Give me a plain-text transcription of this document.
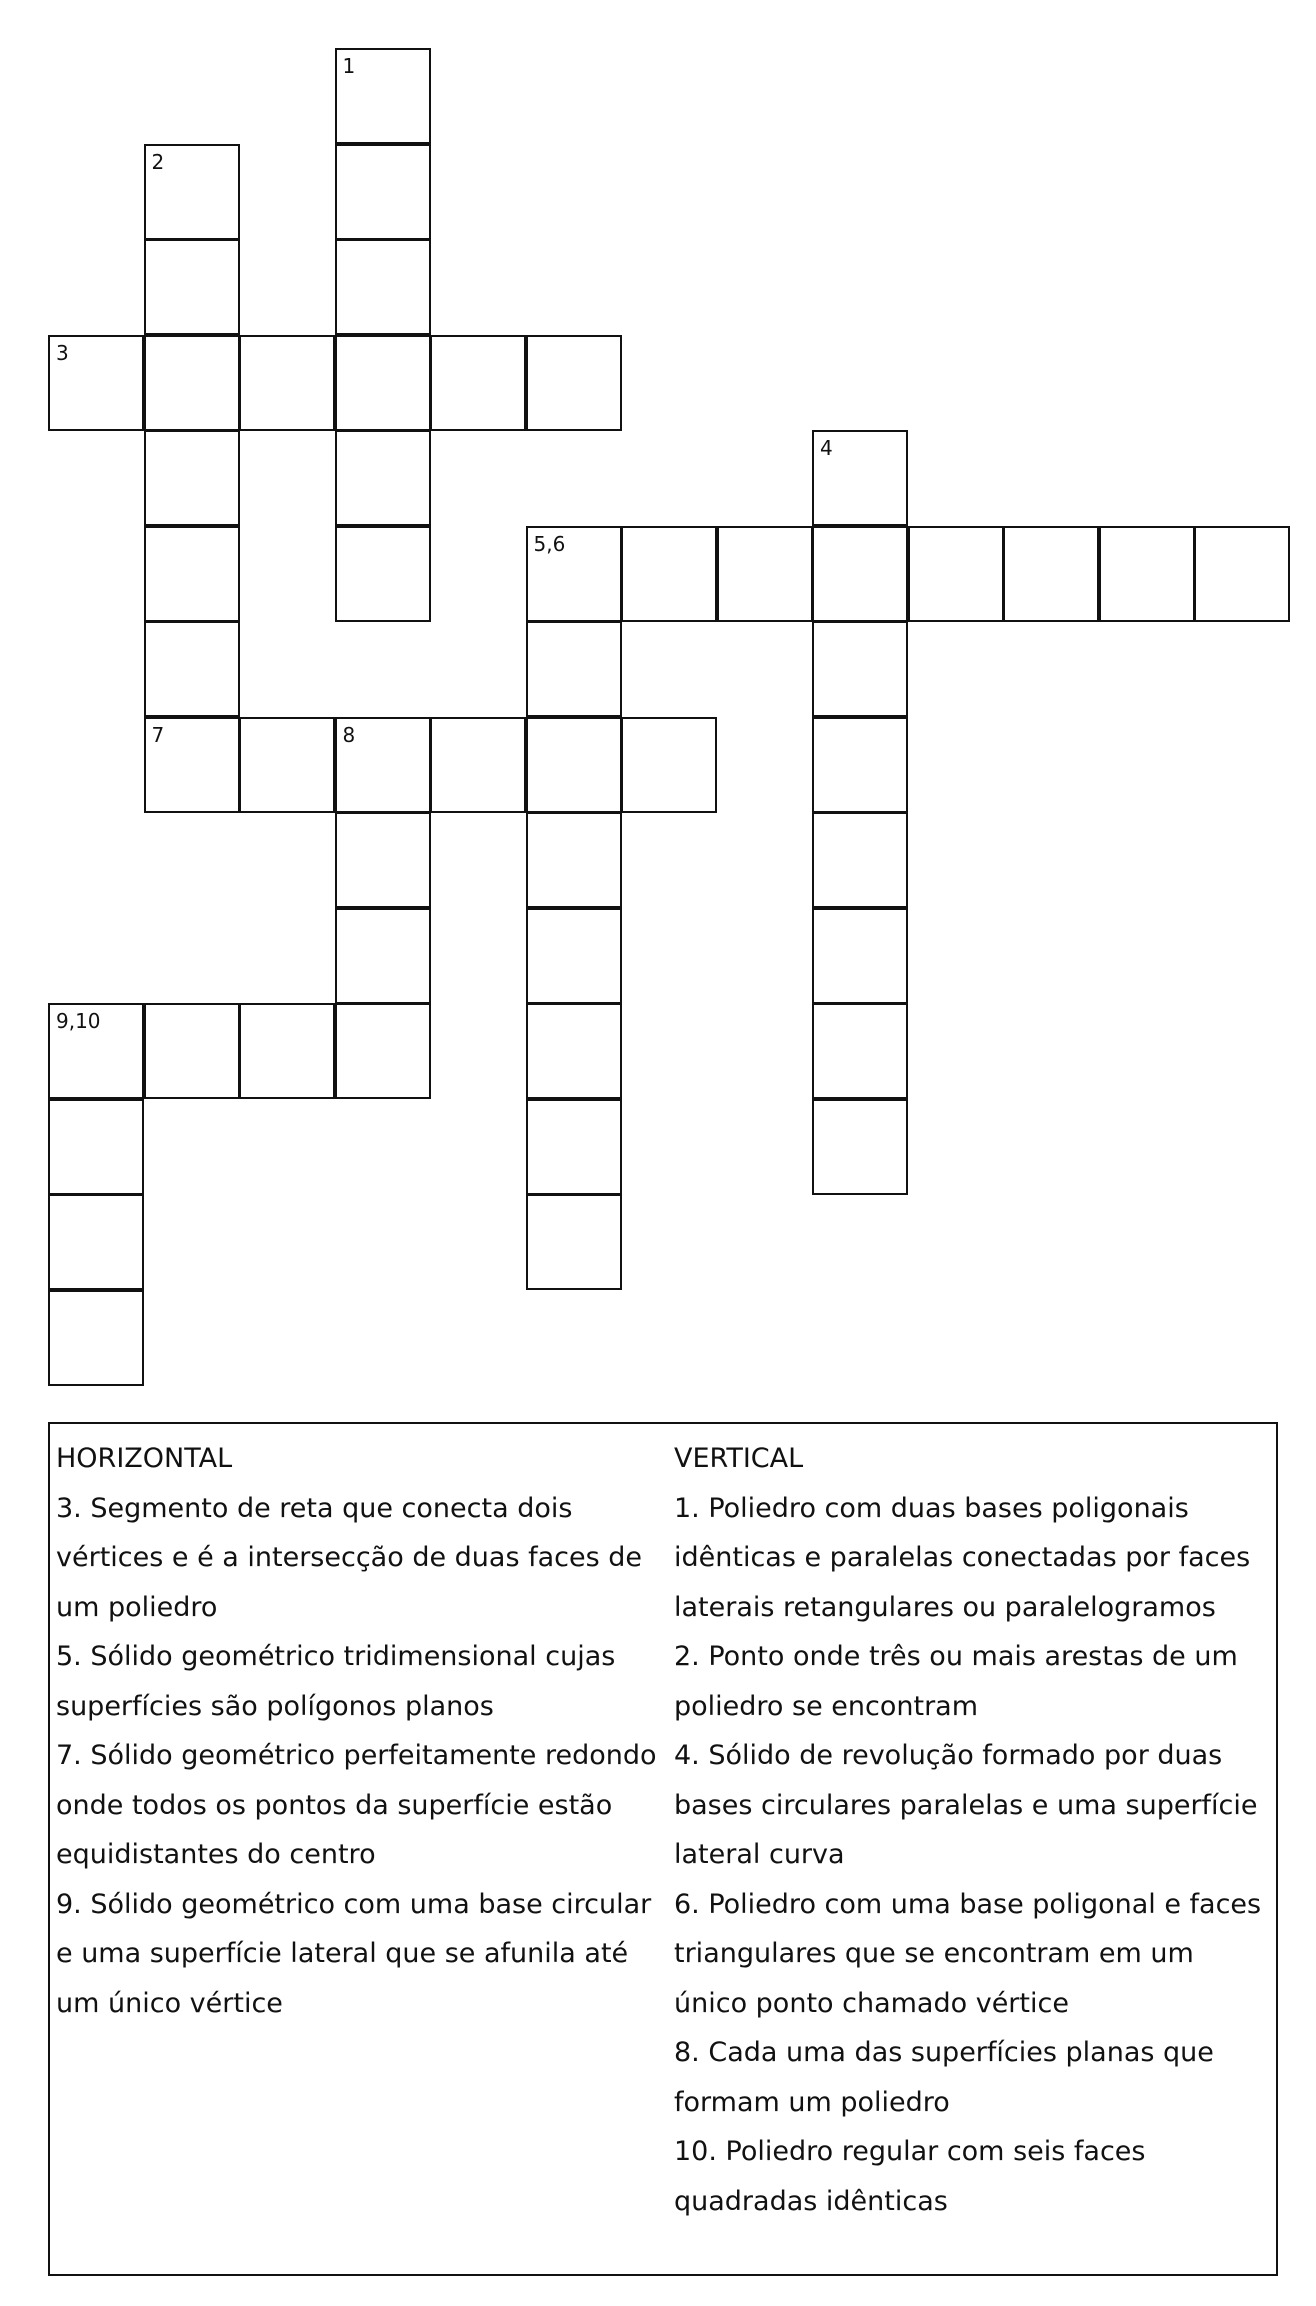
1
2
3
4
5,6
7	8
9,10

HORIZONTAL

3. Segmento de reta que conecta dois vértices e é a intersecção de duas faces de um poliedro

5. Sólido geométrico tridimensional cujas superfícies são polígonos planos

7. Sólido geométrico perfeitamente redondo onde todos os pontos da superfície estão equidistantes do centro

9. Sólido geométrico com uma base circular e uma superfície lateral que se afunila até um único vértice

VERTICAL

1. Poliedro com duas bases poligonais idênticas e paralelas conectadas por faces laterais retangulares ou paralelogramos

2. Ponto onde três ou mais arestas de um poliedro se encontram

4. Sólido de revolução formado por duas bases circulares paralelas e uma superfície lateral curva

6. Poliedro com uma base poligonal e faces triangulares que se encontram em um único ponto chamado vértice

8. Cada uma das superfícies planas que formam um poliedro

10. Poliedro regular com seis faces quadradas idênticas
